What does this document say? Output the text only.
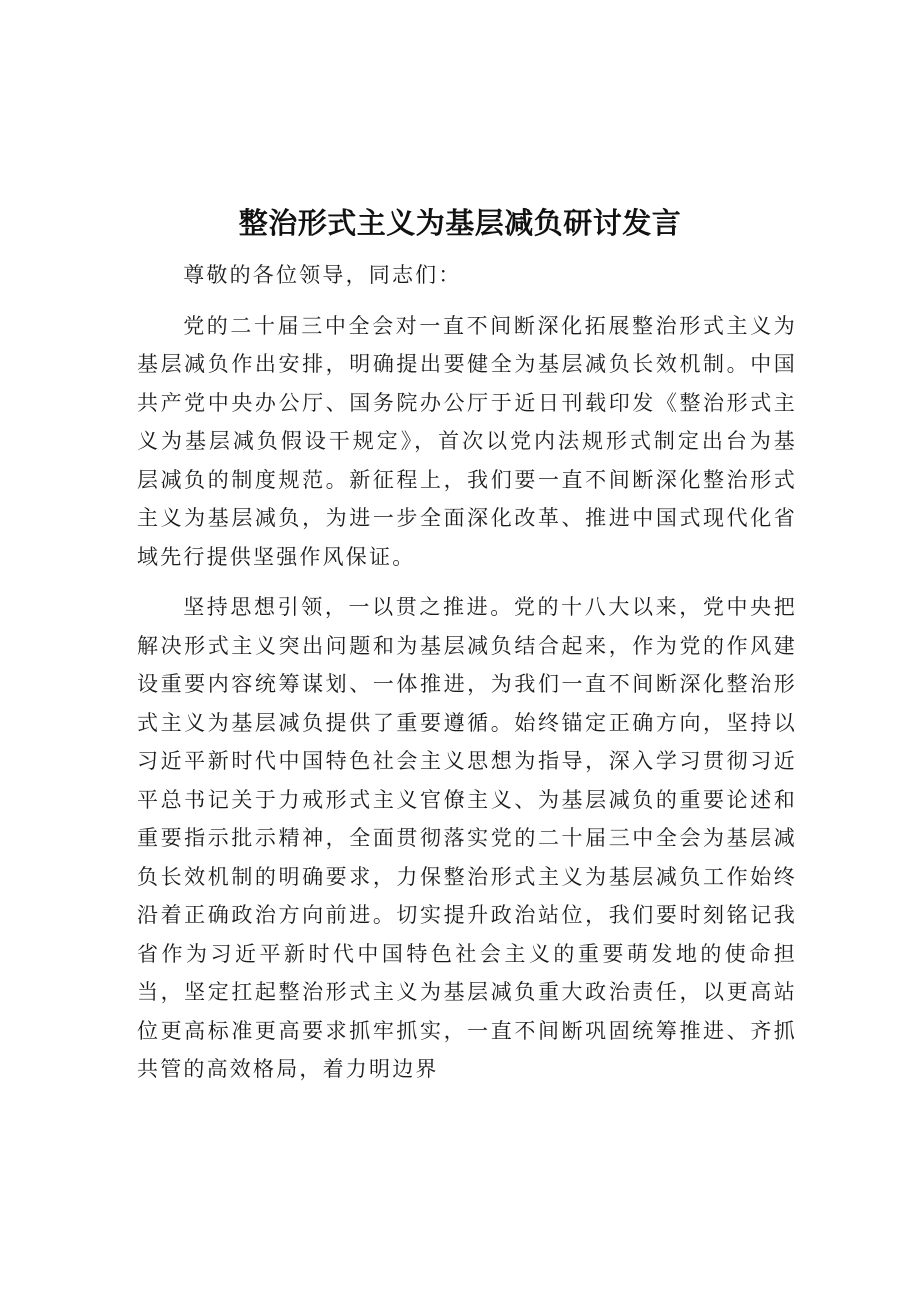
整治形式主义为基层减负研讨发言

尊敬的各位领导，同志们：

党的二十届三中全会对一直不间断深化拓展整治形式主义为基层减负作出安排，明确提出要健全为基层减负长效机制。中国共产党中央办公厅、国务院办公厅于近日刊载印发《整治形式主义为基层减负假设干规定》，首次以党内法规形式制定出台为基层减负的制度规范。新征程上，我们要一直不间断深化整治形式主义为基层减负，为进一步全面深化改革、推进中国式现代化省域先行提供坚强作风保证。

坚持思想引领，一以贯之推进。党的十八大以来，党中央把解决形式主义突出问题和为基层减负结合起来，作为党的作风建设重要内容统筹谋划、一体推进，为我们一直不间断深化整治形式主义为基层减负提供了重要遵循。始终锚定正确方向，坚持以习近平新时代中国特色社会主义思想为指导，深入学习贯彻习近平总书记关于力戒形式主义官僚主义、为基层减负的重要论述和重要指示批示精神，全面贯彻落实党的二十届三中全会为基层减负长效机制的明确要求，力保整治形式主义为基层减负工作始终沿着正确政治方向前进。切实提升政治站位，我们要时刻铭记我省作为习近平新时代中国特色社会主义的重要萌发地的使命担当，坚定扛起整治形式主义为基层减负重大政治责任，以更高站位更高标准更高要求抓牢抓实，一直不间断巩固统筹推进、齐抓共管的高效格局，着力明边界
